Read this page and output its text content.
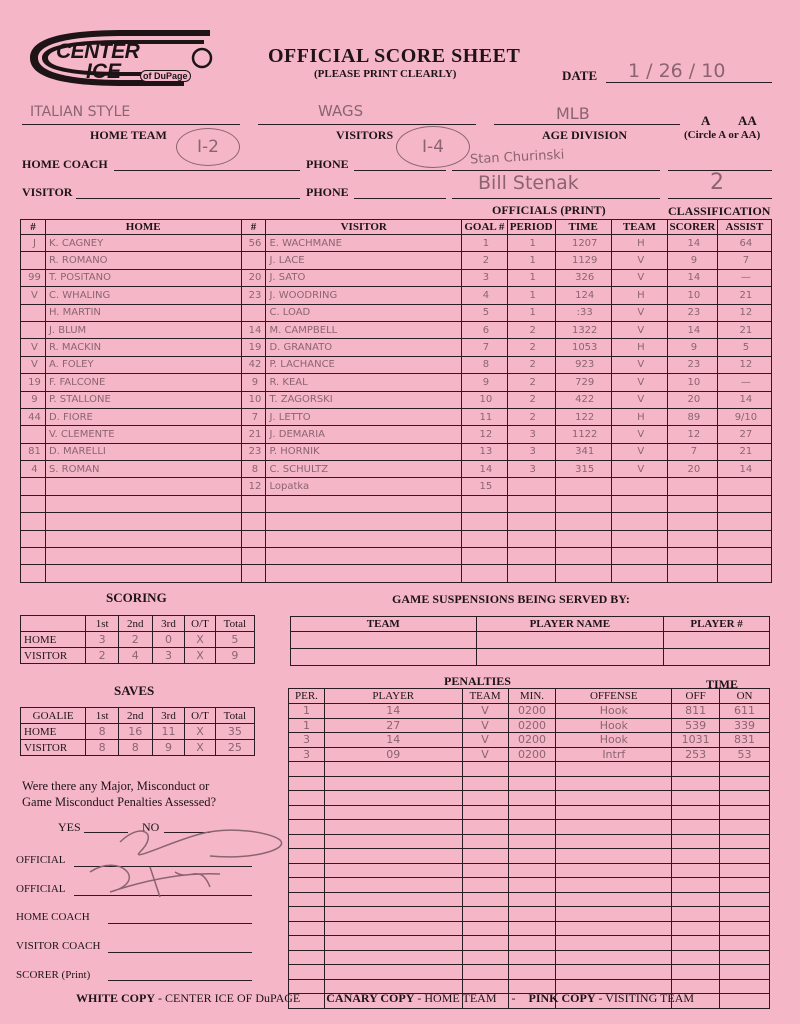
CENTER
ICE	of DuPage
OFFICIAL SCORE SHEET
(PLEASE PRINT CLEARLY)	DATE 1 / 26 / 10
ITALIAN STYLE	WAGS	MLB
HOME TEAM	VISITORS	AGE DIVISION
A AA
(Circle A or AA)
I-2	I-4
HOME COACH	PHONE	Stan Churinski
VISITOR	PHONE	Bill Stenak	2
OFFICIALS (PRINT)	CLASSIFICATION
#	HOME	#	VISITOR	GOAL #	PERIOD	TIME	TEAM	SCORER	ASSIST
J	K. CAGNEY	56	E. WACHMANE	1	1	1207	H	14	64
	R. ROMANO		J. LACE	2	1	1129	V	9	7
99	T. POSITANO	20	J. SATO	3	1	326	V	14	—
V	C. WHALING	23	J. WOODRING	4	1	124	H	10	21
	H. MARTIN		C. LOAD	5	1	:33	V	23	12
	J. BLUM	14	M. CAMPBELL	6	2	1322	V	14	21
V	R. MACKIN	19	D. GRANATO	7	2	1053	H	9	5
V	A. FOLEY	42	P. LACHANCE	8	2	923	V	23	12
19	F. FALCONE	9	R. KEAL	9	2	729	V	10	—
9	P. STALLONE	10	T. ZAGORSKI	10	2	422	V	20	14
44	D. FIORE	7	J. LETTO	11	2	122	H	89	9/10
	V. CLEMENTE	21	J. DEMARIA	12	3	1122	V	12	27
81	D. MARELLI	23	P. HORNIK	13	3	341	V	7	21
4	S. ROMAN	8	C. SCHULTZ	14	3	315	V	20	14
		12	Lopatka	15					

SCORING
	1st	2nd	3rd	O/T	Total
HOME	3	2	0	X	5
VISITOR	2	4	3	X	9
SAVES
GOALIE	1st	2nd	3rd	O/T	Total
HOME	8	16	11	X	35
VISITOR	8	8	9	X	25
GAME SUSPENSIONS BEING SERVED BY:
TEAM	PLAYER NAME	PLAYER #

PENALTIES	TIME
PER.	PLAYER	TEAM	MIN.	OFFENSE	OFF	ON
1	14	V	0200	Hook	811	611
1	27	V	0200	Hook	539	339
3	14	V	0200	Hook	1031	831
3	09	V	0200	Intrf	253	53

Were there any Major, Misconduct or
Game Misconduct Penalties Assessed?
YES	NO
OFFICIAL
OFFICIAL
HOME COACH
VISITOR COACH
SCORER (Print)
WHITE COPY - CENTER ICE OF DuPAGE CANARY COPY - HOME TEAM - PINK COPY - VISITING TEAM
